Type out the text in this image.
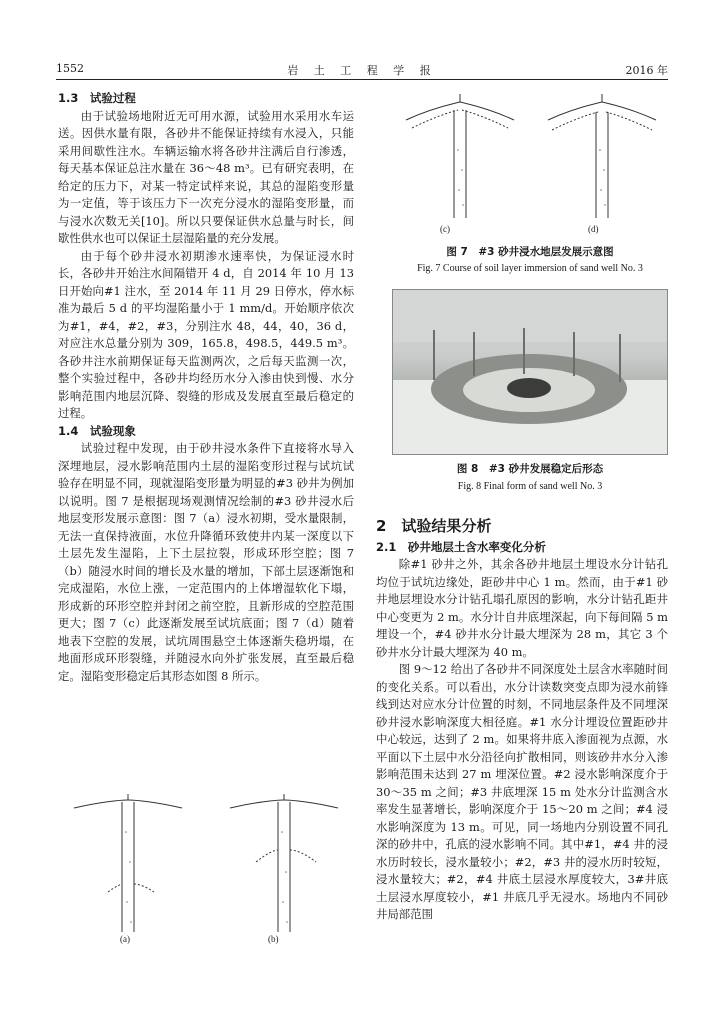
1552	岩 土 工 程 学 报	2016 年

1.3　试验过程

由于试验场地附近无可用水源，试验用水采用水车运送。因供水量有限，各砂井不能保证持续有水浸入，只能采用间歇性注水。车辆运输水将各砂井注满后自行渗透，每天基本保证总注水量在 36～48 m³。已有研究表明，在给定的压力下，对某一特定试样来说，其总的湿陷变形量为一定值，等于该压力下一次充分浸水的湿陷变形量，而与浸水次数无关[10]。所以只要保证供水总量与时长，间歇性供水也可以保证土层湿陷量的充分发展。

由于每个砂井浸水初期渗水速率快，为保证浸水时长，各砂井开始注水间隔错开 4 d，自 2014 年 10 月 13 日开始向#1 注水，至 2014 年 11 月 29 日停水，停水标准为最后 5 d 的平均湿陷量小于 1 mm/d。开始顺序依次为#1，#4，#2，#3，分别注水 48，44，40，36 d，对应注水总量分别为 309，165.8，498.5，449.5 m³。各砂井注水前期保证每天监测两次，之后每天监测一次，整个实验过程中，各砂井均经历水分入渗由快到慢、水分影响范围内地层沉降、裂缝的形成及发展直至最后稳定的过程。

1.4　试验现象

试验过程中发现，由于砂井浸水条件下直接将水导入深埋地层，浸水影响范围内土层的湿陷变形过程与试坑试验存在明显不同，现就湿陷变形量为明显的#3 砂井为例加以说明。图 7 是根据现场观测情况绘制的#3 砂井浸水后地层变形发展示意图：图 7（a）浸水初期，受水量限制，无法一直保持液面，水位升降循环致使井内某一深度以下土层先发生湿陷，上下土层拉裂，形成环形空腔；图 7（b）随浸水时间的增长及水量的增加，下部土层逐渐饱和完成湿陷，水位上涨，一定范围内的上体增湿软化下塌，形成新的环形空腔并封闭之前空腔，且新形成的空腔范围更大；图 7（c）此逐渐发展至试坑底面；图 7（d）随着地表下空腔的发展，试坑周围悬空土体逐渐失稳坍塌，在地面形成环形裂缝，并随浸水向外扩张发展，直至最后稳定。湿陷变形稳定后其形态如图 8 所示。

(c)	(d)
图 7　#3 砂井浸水地层发展示意图
Fig. 7 Course of soil layer immersion of sand well No. 3
图 8　#3 砂井发展稳定后形态
Fig. 8 Final form of sand well No. 3

2　试验结果分析

2.1　砂井地层土含水率变化分析

除#1 砂井之外，其余各砂井地层土埋设水分计钻孔均位于试坑边缘处，距砂井中心 1 m。然而，由于#1 砂井地层埋设水分计钻孔塌孔原因的影响，水分计钻孔距井中心变更为 2 m。水分计自井底埋深起，向下每间隔 5 m 埋设一个，#4 砂井水分计最大埋深为 28 m，其它 3 个砂井水分计最大埋深为 40 m。

图 9～12 给出了各砂井不同深度处土层含水率随时间的变化关系。可以看出，水分计读数突变点即为浸水前锋线到达对应水分计位置的时刻，不同地层条件及不同埋深砂井浸水影响深度大相径庭。#1 水分计埋设位置距砂井中心较远，达到了 2 m。如果将井底入渗面视为点源，水平面以下土层中水分沿径向扩散相同，则该砂井水分入渗影响范围未达到 27 m 埋深位置。#2 浸水影响深度介于 30～35 m 之间；#3 井底埋深 15 m 处水分计监测含水率发生显著增长，影响深度介于 15～20 m 之间；#4 浸水影响深度为 13 m。可见，同一场地内分别设置不同孔深的砂井中，孔底的浸水影响不同。其中#1，#4 井的浸水历时较长，浸水量较小；#2，#3 井的浸水历时较短，浸水量较大；#2，#4 井底土层浸水厚度较大，3#井底土层浸水厚度较小，#1 井底几乎无浸水。场地内不同砂井局部范围

(a)	(b)
